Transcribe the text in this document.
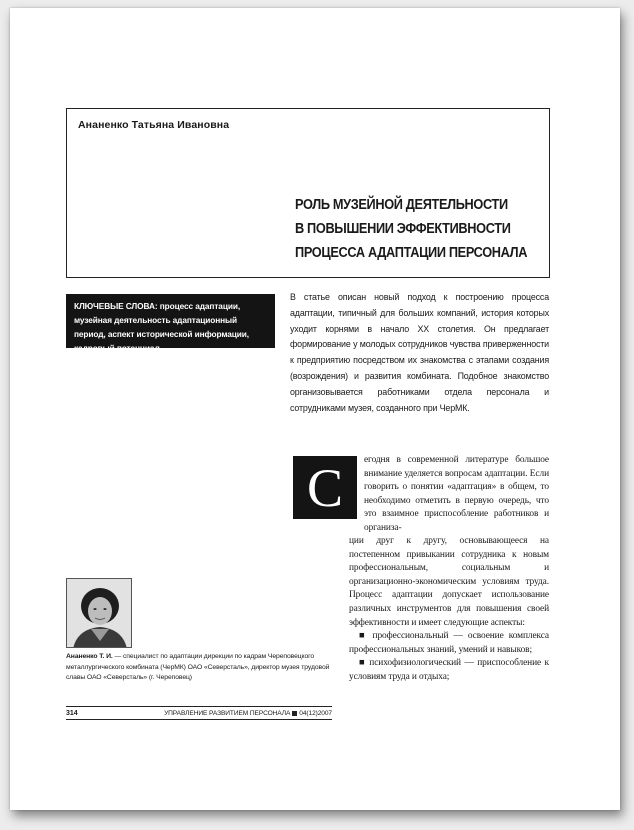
Ананенко Татьяна Ивановна
РОЛЬ МУЗЕЙНОЙ ДЕЯТЕЛЬНОСТИ
В ПОВЫШЕНИИ ЭФФЕКТИВНОСТИ
ПРОЦЕССА АДАПТАЦИИ ПЕРСОНАЛА
КЛЮЧЕВЫЕ СЛОВА: процесс адаптации, музейная деятельность адаптационный период, аспект исторической информации, кадровый потенциал
В статье описан новый подход к построению процесса адаптации, типичный для больших компаний, история которых уходит корнями в начало XX столетия. Он предлагает формирование у молодых сотрудников чувства приверженности к предприятию посредством их знакомства с этапами создания (возрождения) и развития комбината. Подобное знакомство организовывается работниками отдела персонала и сотрудниками музея, созданного при ЧерМК.
С	егодня в современной литературе большое внимание уделяется вопросам адаптации. Если говорить о понятии «адаптация» в общем, то необходимо отметить в первую очередь, что это взаимное приспособление работников и организа-

ции друг к другу, основывающееся на постепенном привыкании сотрудника к новым профессиональным, социальным и организационно-экономическим условиям труда. Процесс адаптации допускает использование различных инструментов для повышения своей эффективности и имеет следующие аспекты:

■ профессиональный — освоение комплекса профессиональных знаний, умений и навыков;

■ психофизиологический — приспособление к условиям труда и отдыха;

Ананенко Т. И. — специалист по адаптации дирекции по кадрам Череповецкого металлургического комбината (ЧерМК) ОАО «Северсталь», директор музея трудовой славы ОАО «Северсталь» (г. Череповец)
314	УПРАВЛЕНИЕ РАЗВИТИЕМ ПЕРСОНАЛА 04(12)2007
